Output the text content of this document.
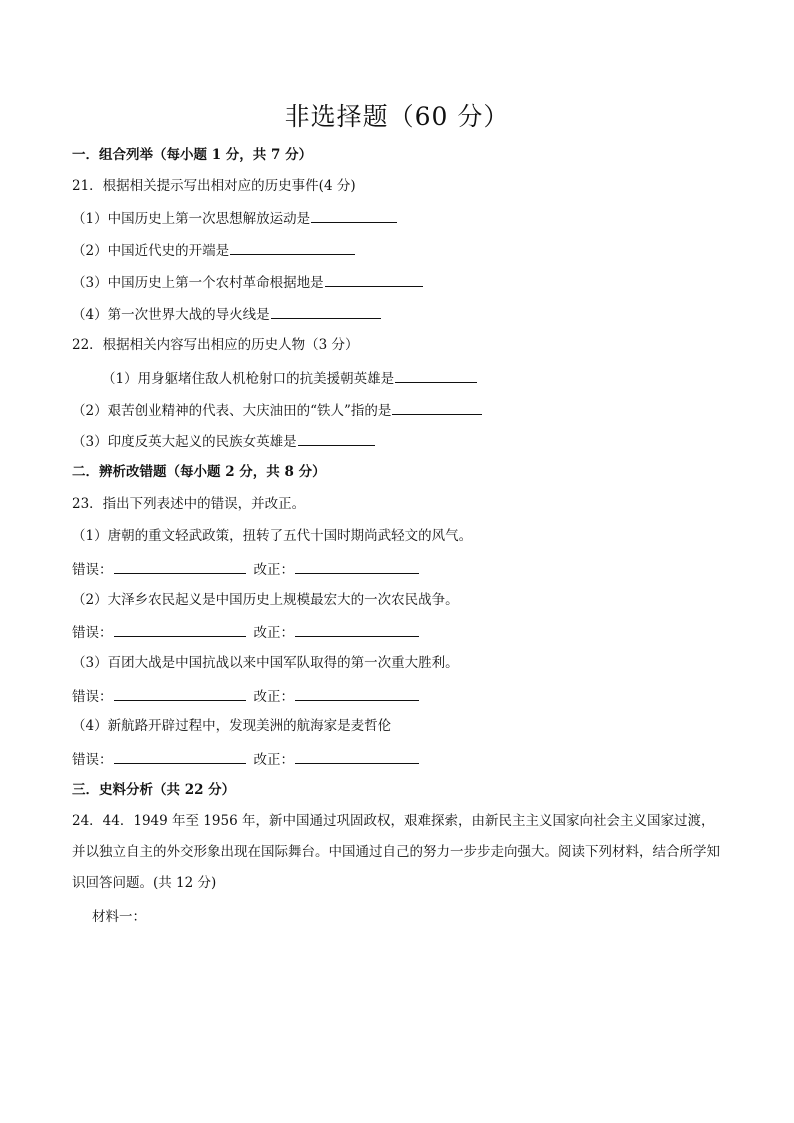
非选择题（60 分）
一．组合列举（每小题 1 分，共 7 分）
21．根据相关提示写出相对应的历史事件(4 分)
（1）中国历史上第一次思想解放运动是
（2）中国近代史的开端是
（3）中国历史上第一个农村革命根据地是
（4）第一次世界大战的导火线是
22．根据相关内容写出相应的历史人物（3 分）
（1）用身躯堵住敌人机枪射口的抗美援朝英雄是
（2）艰苦创业精神的代表、大庆油田的“铁人”指的是
（3）印度反英大起义的民族女英雄是
二．辨析改错题（每小题 2 分，共 8 分）
23．指出下列表述中的错误，并改正。
（1）唐朝的重文轻武政策，扭转了五代十国时期尚武轻文的风气。
错误：	改正：
（2）大泽乡农民起义是中国历史上规模最宏大的一次农民战争。
错误：	改正：
（3）百团大战是中国抗战以来中国军队取得的第一次重大胜利。
错误：	改正：
（4）新航路开辟过程中，发现美洲的航海家是麦哲伦
错误：	改正：
三．史料分析（共 22 分）
24．44．1949 年至 1956 年，新中国通过巩固政权，艰难探索，由新民主主义国家向社会主义国家过渡，并以独立自主的外交形象出现在国际舞台。中国通过自己的努力一步步走向强大。阅读下列材料，结合所学知识回答问题。(共 12 分)
材料一：
